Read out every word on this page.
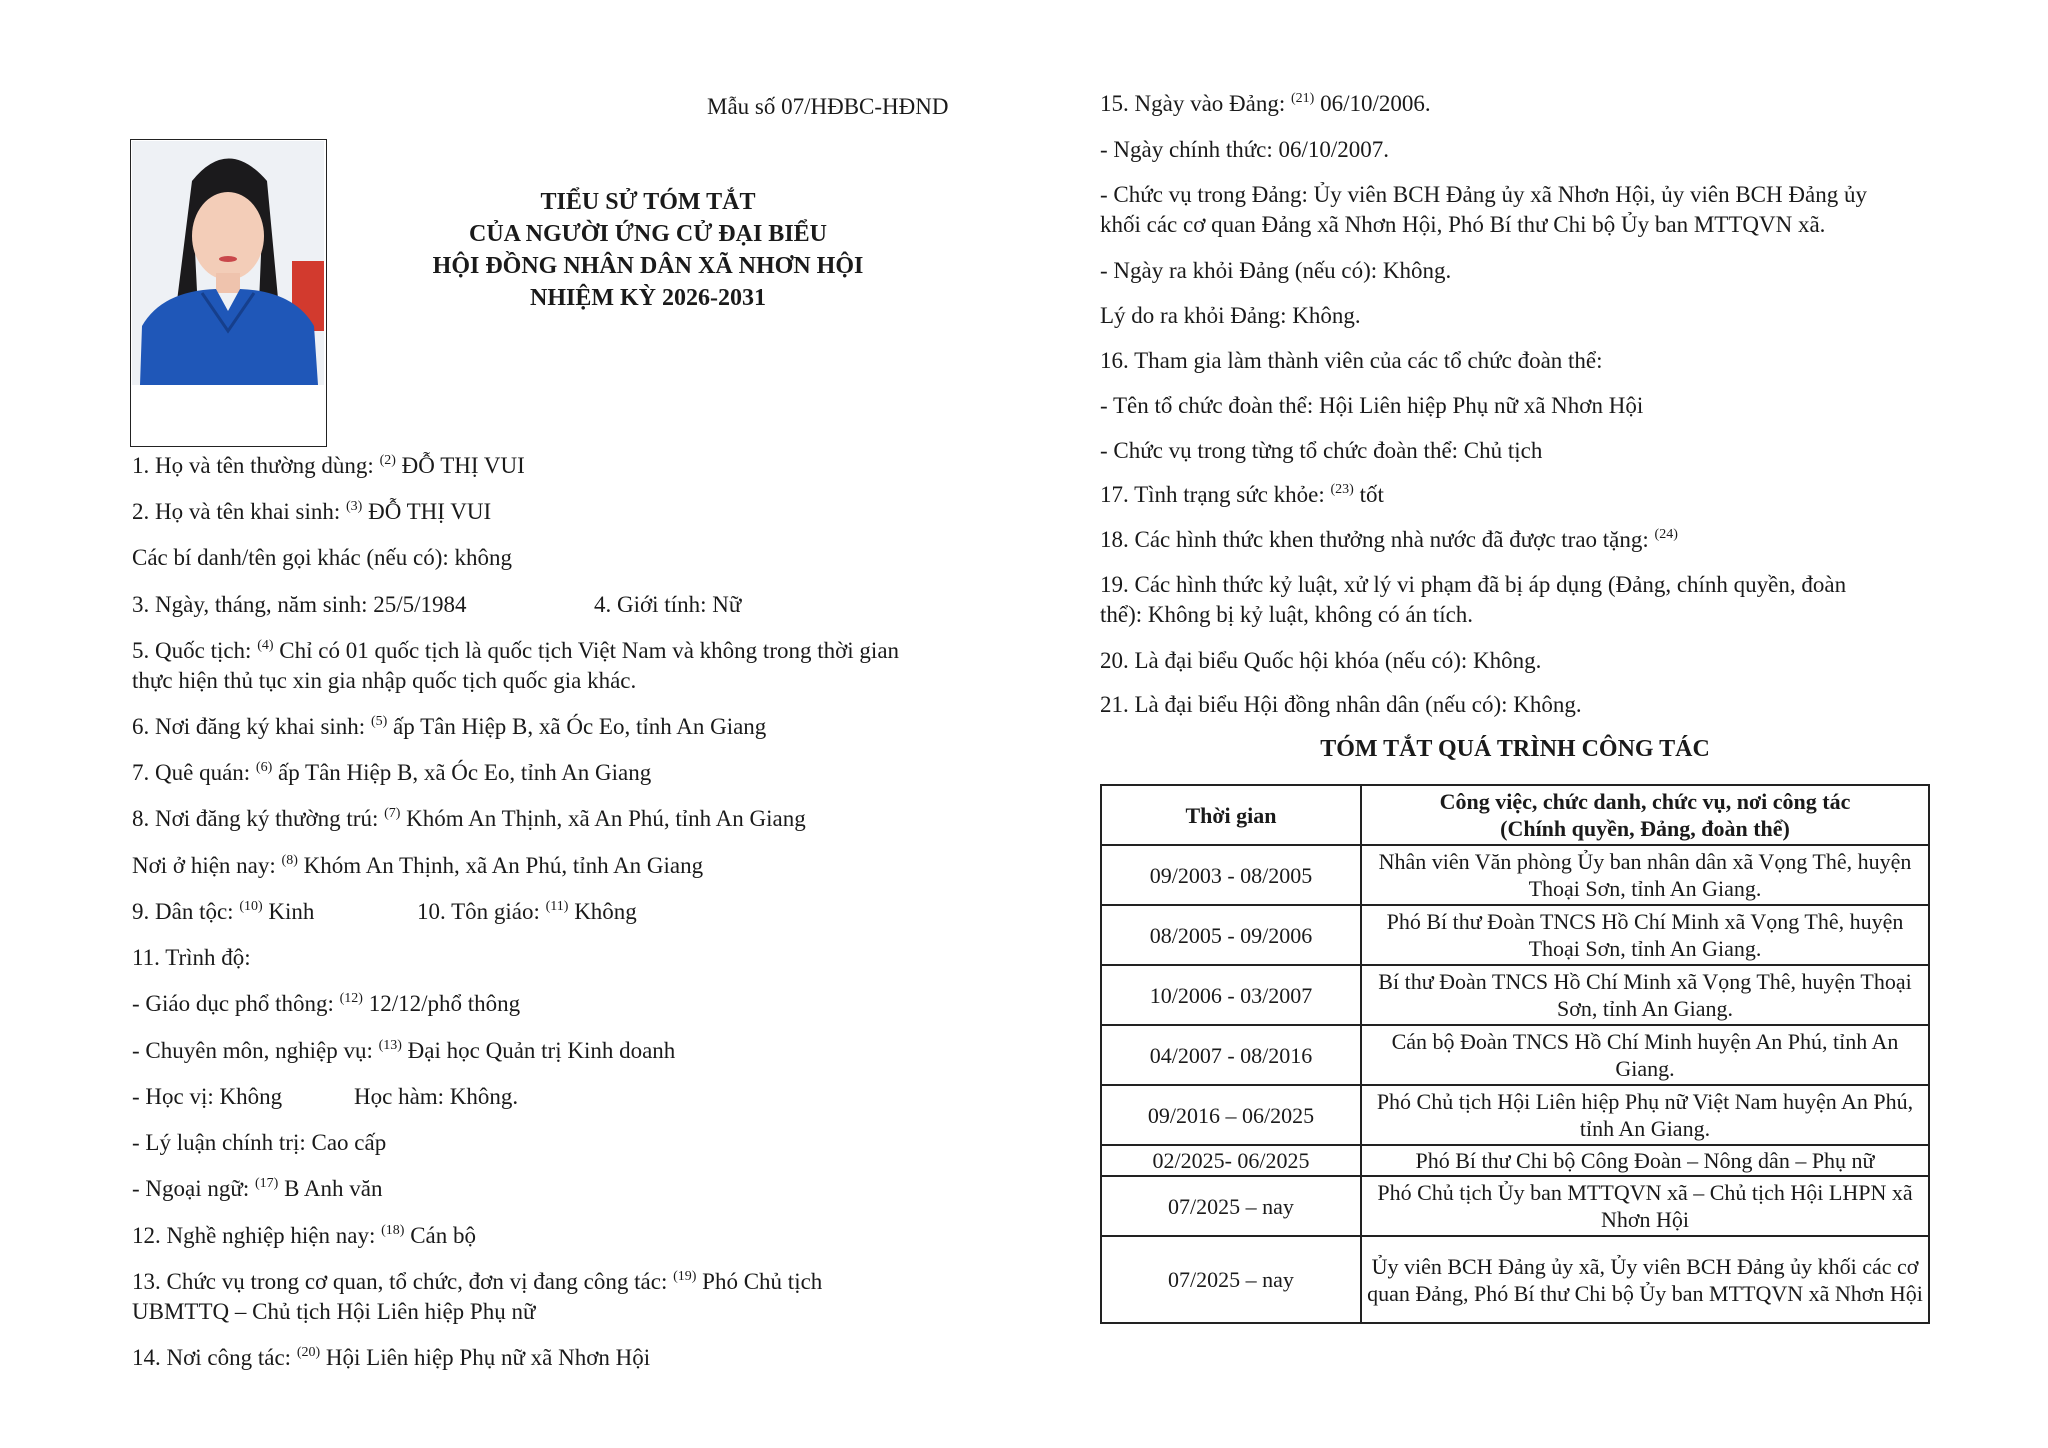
Mẫu số 07/HĐBC-HĐND
TIỂU SỬ TÓM TẮT
CỦA NGƯỜI ỨNG CỬ ĐẠI BIỂU
HỘI ĐỒNG NHÂN DÂN XÃ NHƠN HỘI
NHIỆM KỲ 2026-2031
1. Họ và tên thường dùng: $^{(2)}$ ĐỖ THỊ VUI
2. Họ và tên khai sinh: $^{(3)}$ ĐỖ THỊ VUI
Các bí danh/tên gọi khác (nếu có): không
3. Ngày, tháng, năm sinh: 25/5/1984	4. Giới tính: Nữ
5. Quốc tịch: $^{(4)}$ Chỉ có 01 quốc tịch là quốc tịch Việt Nam và không trong thời gian
thực hiện thủ tục xin gia nhập quốc tịch quốc gia khác.
6. Nơi đăng ký khai sinh: $^{(5)}$ ấp Tân Hiệp B, xã Óc Eo, tỉnh An Giang
7. Quê quán: $^{(6)}$ ấp Tân Hiệp B, xã Óc Eo, tỉnh An Giang
8. Nơi đăng ký thường trú: $^{(7)}$ Khóm An Thịnh, xã An Phú, tỉnh An Giang
Nơi ở hiện nay: $^{(8)}$ Khóm An Thịnh, xã An Phú, tỉnh An Giang
9. Dân tộc: $^{(10)}$ Kinh	10. Tôn giáo: $^{(11)}$ Không
11. Trình độ:
- Giáo dục phổ thông: $^{(12)}$ 12/12/phổ thông
- Chuyên môn, nghiệp vụ: $^{(13)}$ Đại học Quản trị Kinh doanh
- Học vị: Không	Học hàm: Không.
- Lý luận chính trị: Cao cấp
- Ngoại ngữ: $^{(17)}$ B Anh văn
12. Nghề nghiệp hiện nay: $^{(18)}$ Cán bộ
13. Chức vụ trong cơ quan, tổ chức, đơn vị đang công tác: $^{(19)}$ Phó Chủ tịch
UBMTTQ – Chủ tịch Hội Liên hiệp Phụ nữ
14. Nơi công tác: $^{(20)}$ Hội Liên hiệp Phụ nữ xã Nhơn Hội
15. Ngày vào Đảng: $^{(21)}$ 06/10/2006.
- Ngày chính thức: 06/10/2007.
- Chức vụ trong Đảng: Ủy viên BCH Đảng ủy xã Nhơn Hội, ủy viên BCH Đảng ủy
khối các cơ quan Đảng xã Nhơn Hội, Phó Bí thư Chi bộ Ủy ban MTTQVN xã.
- Ngày ra khỏi Đảng (nếu có): Không.
Lý do ra khỏi Đảng: Không.
16. Tham gia làm thành viên của các tổ chức đoàn thể:
- Tên tổ chức đoàn thể: Hội Liên hiệp Phụ nữ xã Nhơn Hội
- Chức vụ trong từng tổ chức đoàn thể: Chủ tịch
17. Tình trạng sức khỏe: $^{(23)}$ tốt
18. Các hình thức khen thưởng nhà nước đã được trao tặng: $^{(24)}$
19. Các hình thức kỷ luật, xử lý vi phạm đã bị áp dụng (Đảng, chính quyền, đoàn
thể): Không bị kỷ luật, không có án tích.
20. Là đại biểu Quốc hội khóa (nếu có): Không.
21. Là đại biểu Hội đồng nhân dân (nếu có): Không.
TÓM TẮT QUÁ TRÌNH CÔNG TÁC
Thời gian	Công việc, chức danh, chức vụ, nơi công tác
(Chính quyền, Đảng, đoàn thể)

09/2003 - 08/2005	Nhân viên Văn phòng Ủy ban nhân dân xã Vọng Thê, huyện Thoại Sơn, tỉnh An Giang.
08/2005 - 09/2006	Phó Bí thư Đoàn TNCS Hồ Chí Minh xã Vọng Thê, huyện Thoại Sơn, tỉnh An Giang.
10/2006 - 03/2007	Bí thư Đoàn TNCS Hồ Chí Minh xã Vọng Thê, huyện Thoại Sơn, tỉnh An Giang.
04/2007 - 08/2016	Cán bộ Đoàn TNCS Hồ Chí Minh huyện An Phú, tỉnh An Giang.
09/2016 – 06/2025	Phó Chủ tịch Hội Liên hiệp Phụ nữ Việt Nam huyện An Phú, tỉnh An Giang.
02/2025- 06/2025	Phó Bí thư Chi bộ Công Đoàn – Nông dân – Phụ nữ
07/2025 – nay	Phó Chủ tịch Ủy ban MTTQVN xã – Chủ tịch Hội LHPN xã Nhơn Hội
07/2025 – nay	Ủy viên BCH Đảng ủy xã, Ủy viên BCH Đảng ủy khối các cơ quan Đảng, Phó Bí thư Chi bộ Ủy ban MTTQVN xã Nhơn Hội
